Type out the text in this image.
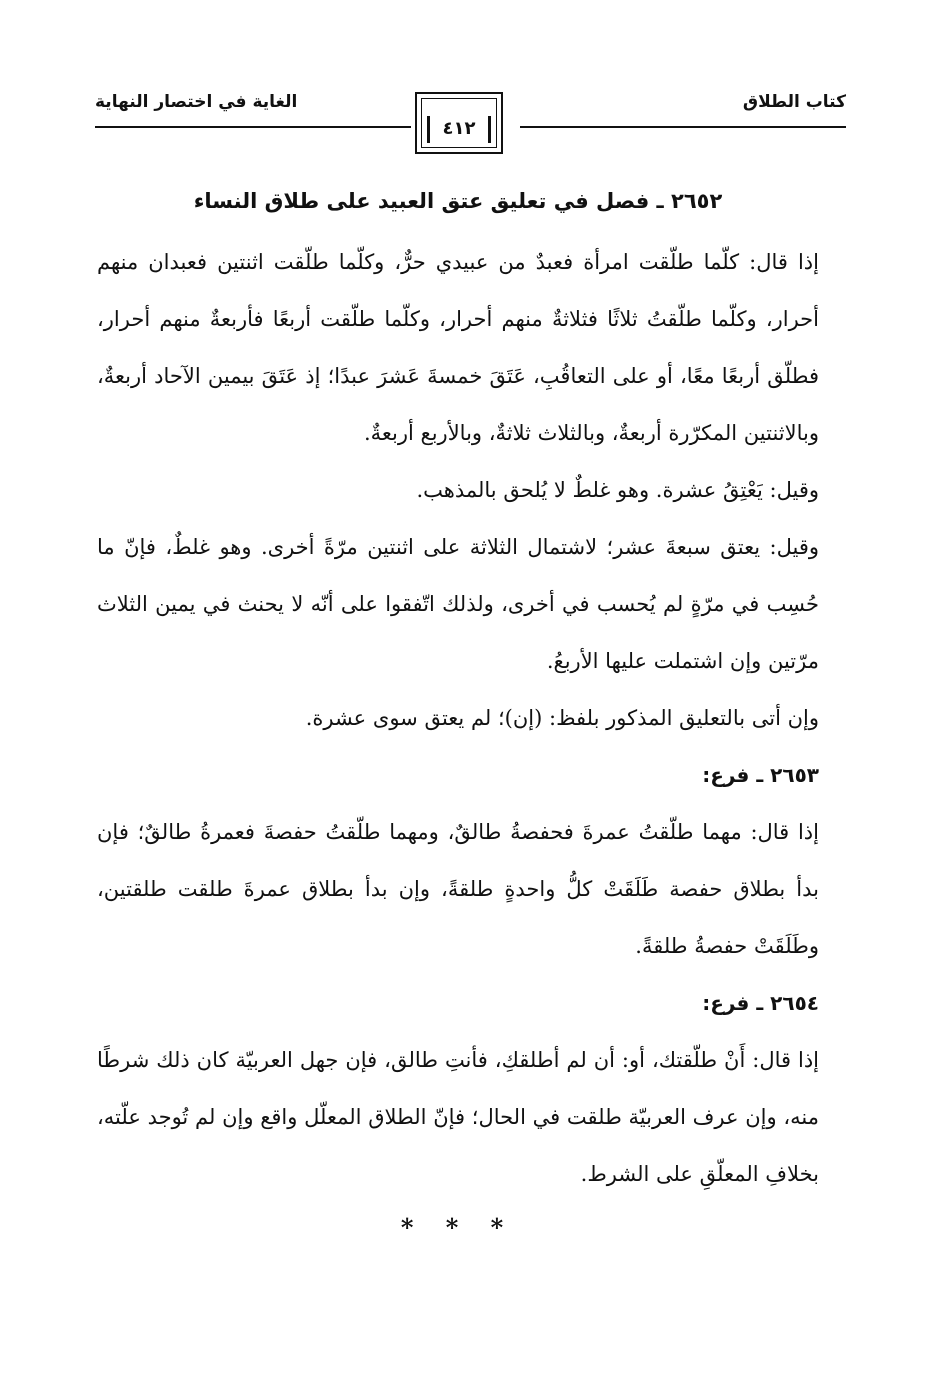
كتاب الطلاق
٤١٢
الغاية في اختصار النهاية
٢٦٥٢ ـ فصل في تعليق عتق العبيد على طلاق النساء

إذا قال: كلّما طلّقت امرأة فعبدٌ من عبيدي حرٌّ، وكلّما طلّقت اثنتين فعبدان منهم أحرار، وكلّما طلّقتُ ثلاثًا فثلاثةٌ منهم أحرار، وكلّما طلّقت أربعًا فأربعةٌ منهم أحرار، فطلّق أربعًا معًا، أو على التعاقُبِ، عَتَقَ خمسةَ عَشرَ عبدًا؛ إذ عَتَقَ بيمين الآحاد أربعةٌ، وبالاثنتين المكرّرة أربعةٌ، وبالثلاث ثلاثةٌ، وبالأربع أربعةٌ.

وقيل: يَعْتِقُ عشرة. وهو غلطٌ لا يُلحق بالمذهب.

وقيل: يعتق سبعةَ عشر؛ لاشتمال الثلاثة على اثنتين مرّةً أخرى. وهو غلطٌ، فإنّ ما حُسِب في مرّةٍ لم يُحسب في أخرى، ولذلك اتّفقوا على أنّه لا يحنث في يمين الثلاث مرّتين وإن اشتملت عليها الأربعُ.

وإن أتى بالتعليق المذكور بلفظ: (إن)؛ لم يعتق سوى عشرة.

٢٦٥٣ ـ فرع:

إذا قال: مهما طلّقتُ عمرةَ فحفصةُ طالقٌ، ومهما طلّقتُ حفصةَ فعمرةُ طالقٌ؛ فإن بدأ بطلاق حفصة طَلَقَتْ كلُّ واحدةٍ طلقةً، وإن بدأ بطلاق عمرةَ طلقت طلقتين، وطَلَقَتْ حفصةُ طلقةً.

٢٦٥٤ ـ فرع:

إذا قال: أَنْ طلّقتك، أو: أن لم أطلقكِ، فأنتِ طالق، فإن جهل العربيّة كان ذلك شرطًا منه، وإن عرف العربيّة طلقت في الحال؛ فإنّ الطلاق المعلّل واقع وإن لم تُوجد علّته، بخلافِ المعلّقِ على الشرط.

* * *
